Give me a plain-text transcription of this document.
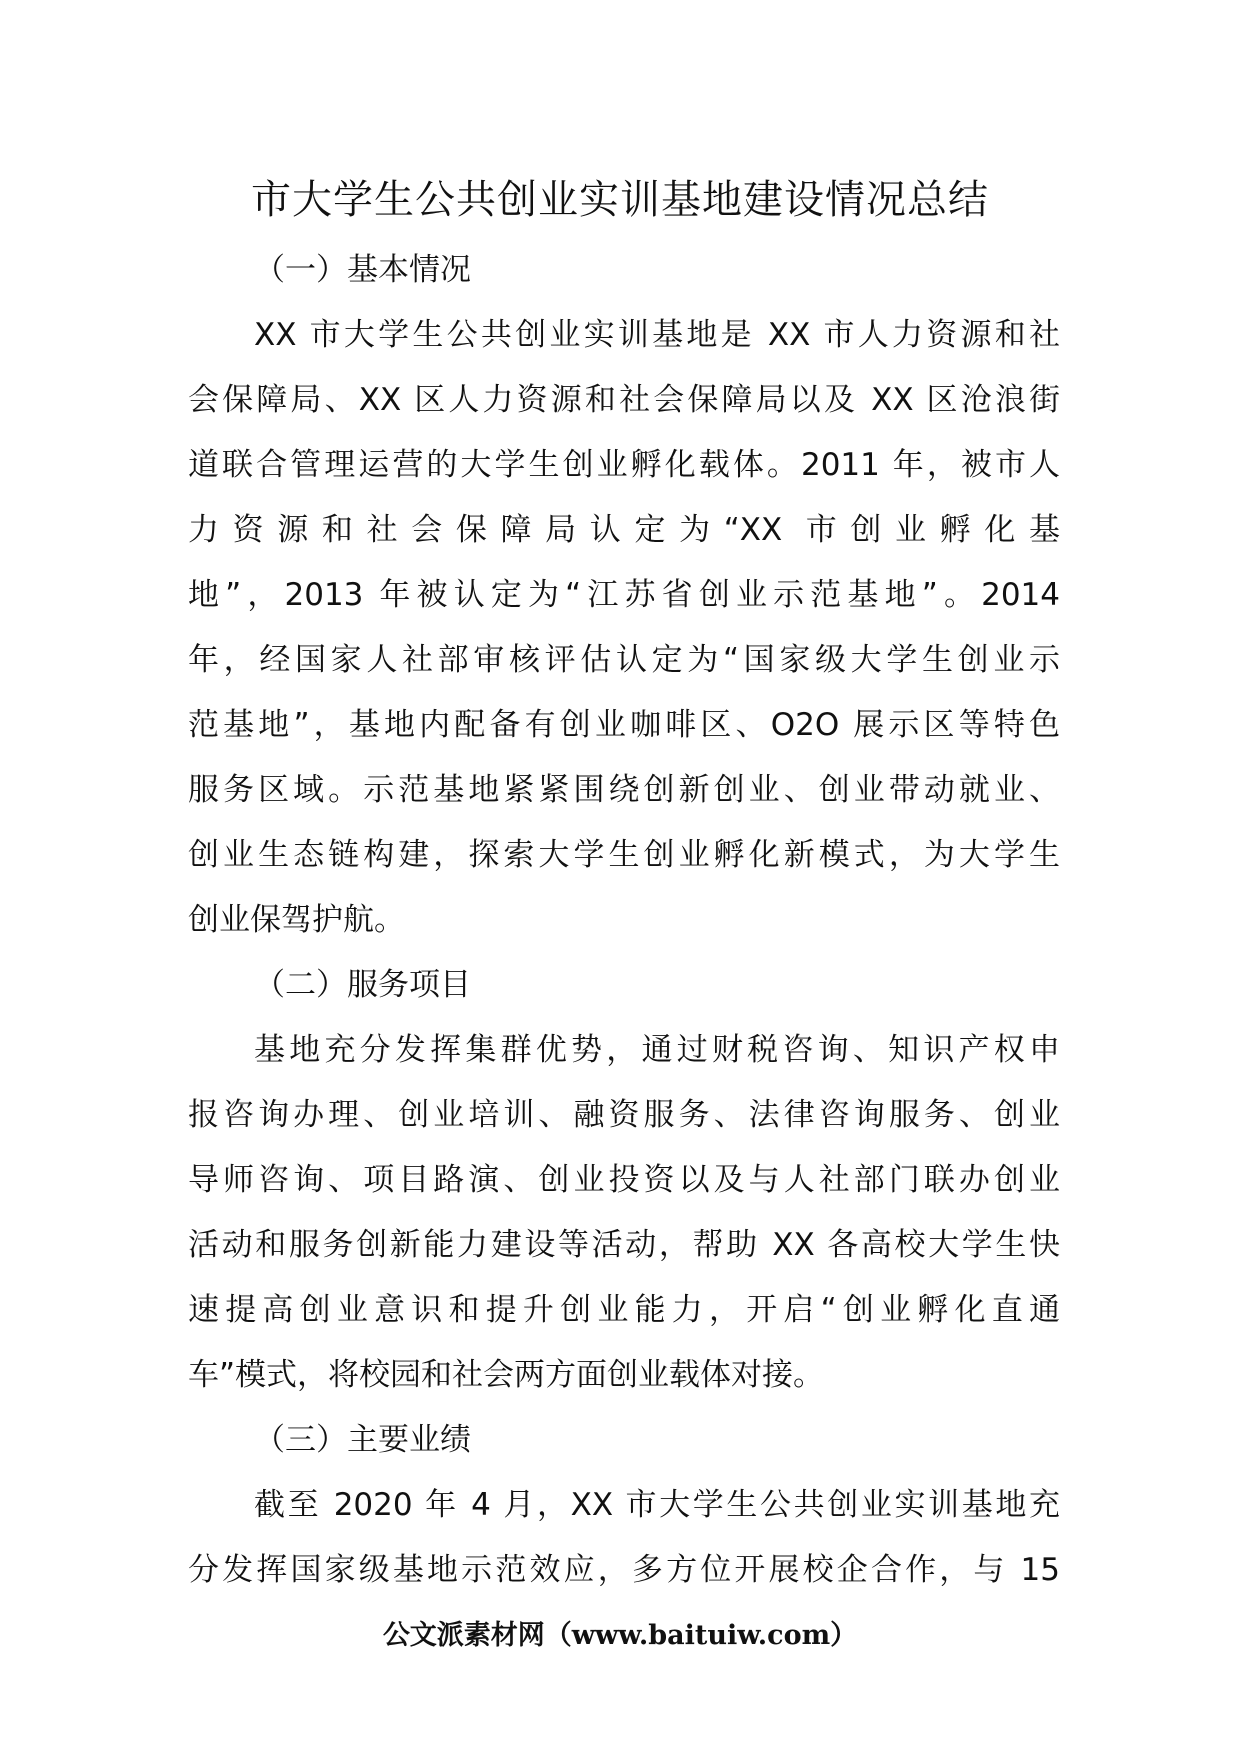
市大学生公共创业实训基地建设情况总结
（一）基本情况
XX 市大学生公共创业实训基地是 XX 市人力资源和社
会保障局、XX 区人力资源和社会保障局以及 XX 区沧浪街
道联合管理运营的大学生创业孵化载体。2011 年，被市人
力资源和社会保障局认定为“XX 市创业孵化基
地”，2013 年被认定为“江苏省创业示范基地”。2014
年，经国家人社部审核评估认定为“国家级大学生创业示
范基地”，基地内配备有创业咖啡区、O2O 展示区等特色
服务区域。示范基地紧紧围绕创新创业、创业带动就业、
创业生态链构建，探索大学生创业孵化新模式，为大学生
创业保驾护航。
（二）服务项目
基地充分发挥集群优势，通过财税咨询、知识产权申
报咨询办理、创业培训、融资服务、法律咨询服务、创业
导师咨询、项目路演、创业投资以及与人社部门联办创业
活动和服务创新能力建设等活动，帮助 XX 各高校大学生快
速提高创业意识和提升创业能力，开启“创业孵化直通
车”模式，将校园和社会两方面创业载体对接。
（三）主要业绩
截至 2020 年 4 月，XX 市大学生公共创业实训基地充
分发挥国家级基地示范效应，多方位开展校企合作，与 15
公文派素材网（www.baituiw.com）
